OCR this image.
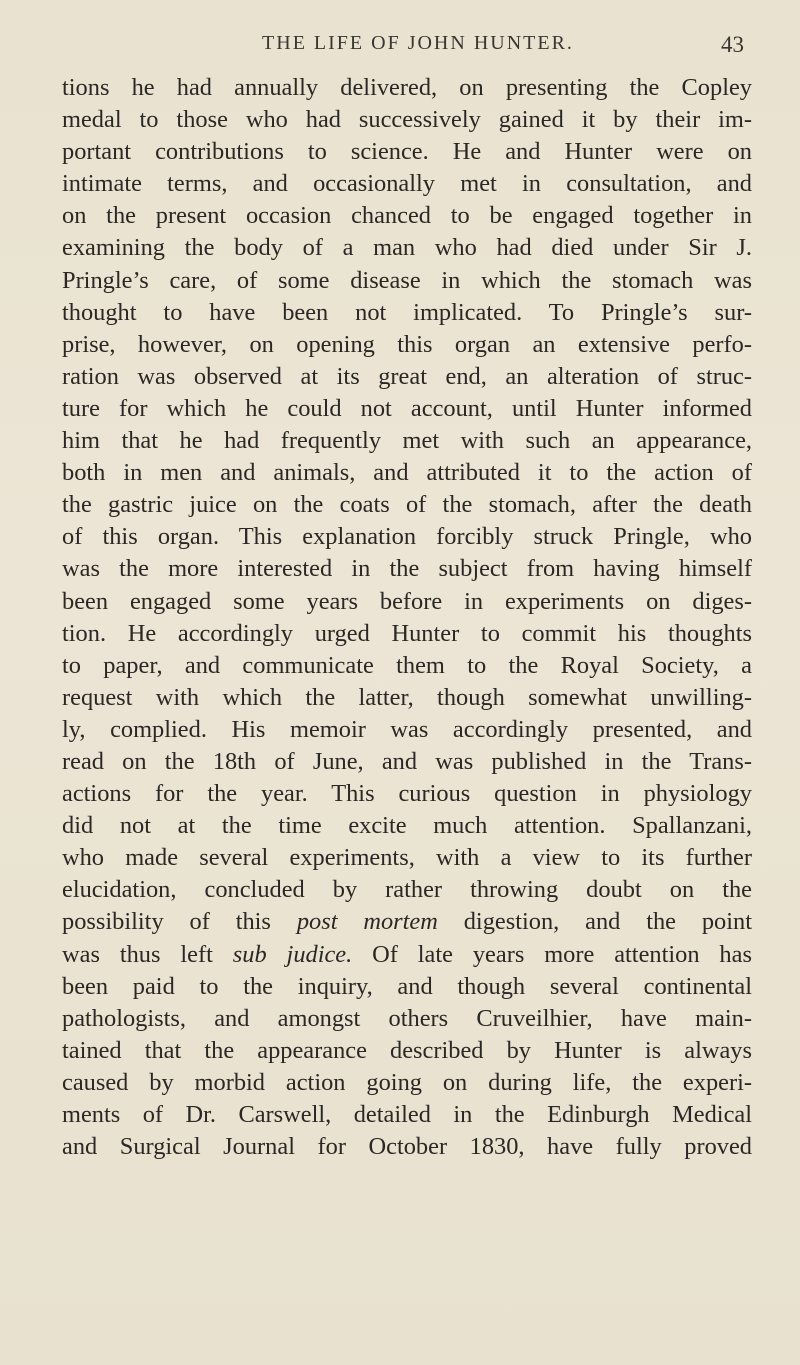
THE LIFE OF JOHN HUNTER.	43
tions he had annually delivered, on presenting the Copley
medal to those who had successively gained it by their im-
portant contributions to science. He and Hunter were on
intimate terms, and occasionally met in consultation, and
on the present occasion chanced to be engaged together in
examining the body of a man who had died under Sir J.
Pringle’s care, of some disease in which the stomach was
thought to have been not implicated. To Pringle’s sur-
prise, however, on opening this organ an extensive perfo-
ration was observed at its great end, an alteration of struc-
ture for which he could not account, until Hunter informed
him that he had frequently met with such an appearance,
both in men and animals, and attributed it to the action of
the gastric juice on the coats of the stomach, after the death
of this organ. This explanation forcibly struck Pringle, who
was the more interested in the subject from having himself
been engaged some years before in experiments on diges-
tion. He accordingly urged Hunter to commit his thoughts
to paper, and communicate them to the Royal Society, a
request with which the latter, though somewhat unwilling-
ly, complied. His memoir was accordingly presented, and
read on the 18th of June, and was published in the Trans-
actions for the year. This curious question in physiology
did not at the time excite much attention. Spallanzani,
who made several experiments, with a view to its further
elucidation, concluded by rather throwing doubt on the
possibility of this post mortem digestion, and the point
was thus left sub judice. Of late years more attention has
been paid to the inquiry, and though several continental
pathologists, and amongst others Cruveilhier, have main-
tained that the appearance described by Hunter is always
caused by morbid action going on during life, the experi-
ments of Dr. Carswell, detailed in the Edinburgh Medical
and Surgical Journal for October 1830, have fully proved
